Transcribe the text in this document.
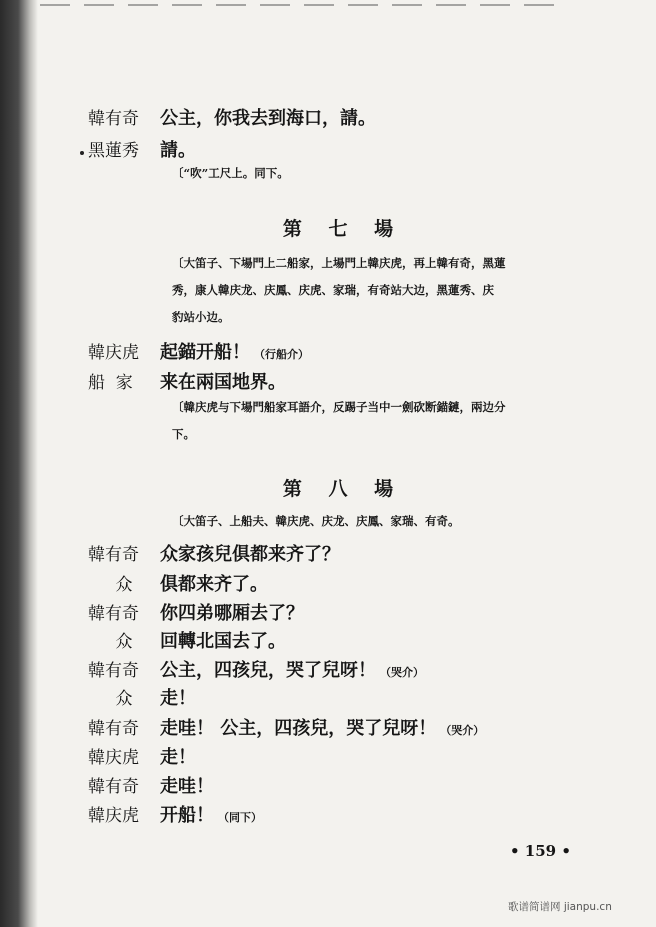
韓有奇 公主，你我去到海口，請。
黑蓮秀 請。
〔“吹”工尺上。同下。
第 七 場
〔大笛子、下場門上二船家，上場門上韓庆虎，再上韓有奇，黑蓮
秀，康人韓庆龙、庆鳳、庆虎、家瑞，有奇站大边，黑蓮秀、庆
豹站小边。
韓庆虎 起錨开船！ （行船介）
船  家 来在兩国地界。
〔韓庆虎与下場門船家耳語介，反踢子当中一劍砍断錨鏈，兩边分
下。
第 八 場
〔大笛子、上船夫、韓庆虎、庆龙、庆鳳、家瑞、有奇。
韓有奇 众家孩兒俱都来齐了？
众 俱都来齐了。
韓有奇 你四弟哪厢去了？
众 回轉北国去了。
韓有奇 公主，四孩兒，哭了兒呀！ （哭介）
众 走！
韓有奇 走哇！ 公主，四孩兒，哭了兒呀！ （哭介）
韓庆虎 走！
韓有奇 走哇！
韓庆虎 开船！ （同下）
• 159 •
歌谱简谱网 jianpu.cn
